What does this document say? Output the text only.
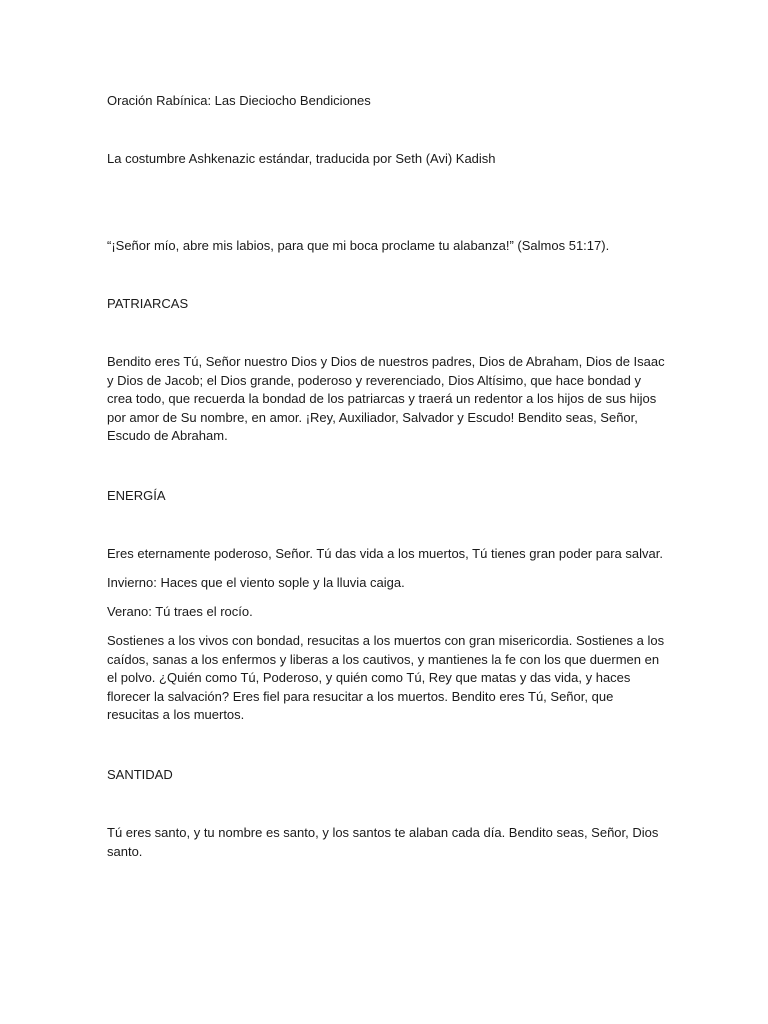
Oración Rabínica: Las Dieciocho Bendiciones

La costumbre Ashkenazic estándar, traducida por Seth (Avi) Kadish

“¡Señor mío, abre mis labios, para que mi boca proclame tu alabanza!” (Salmos 51:17).

PATRIARCAS

Bendito eres Tú, Señor nuestro Dios y Dios de nuestros padres, Dios de Abraham, Dios de Isaac y Dios de Jacob; el Dios grande, poderoso y reverenciado, Dios Altísimo, que hace bondad y crea todo, que recuerda la bondad de los patriarcas y traerá un redentor a los hijos de sus hijos por amor de Su nombre, en amor. ¡Rey, Auxiliador, Salvador y Escudo! Bendito seas, Señor, Escudo de Abraham.

ENERGÍA

Eres eternamente poderoso, Señor. Tú das vida a los muertos, Tú tienes gran poder para salvar.

Invierno: Haces que el viento sople y la lluvia caiga.

Verano: Tú traes el rocío.

Sostienes a los vivos con bondad, resucitas a los muertos con gran misericordia. Sostienes a los caídos, sanas a los enfermos y liberas a los cautivos, y mantienes la fe con los que duermen en el polvo. ¿Quién como Tú, Poderoso, y quién como Tú, Rey que matas y das vida, y haces florecer la salvación? Eres fiel para resucitar a los muertos. Bendito eres Tú, Señor, que resucitas a los muertos.

SANTIDAD

Tú eres santo, y tu nombre es santo, y los santos te alaban cada día. Bendito seas, Señor, Dios santo.
